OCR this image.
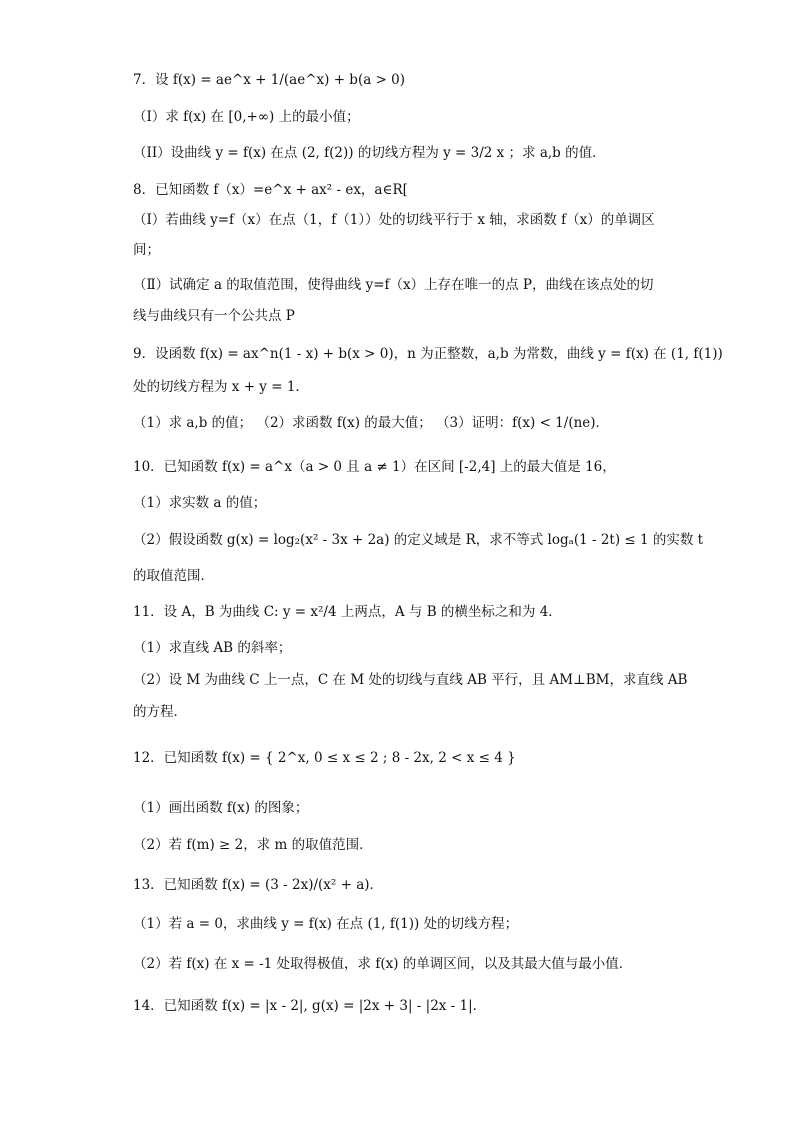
7．设 f(x) = ae^x + 1/(ae^x) + b(a > 0)
（I）求 f(x) 在 [0,+∞) 上的最小值；
（II）设曲线 y = f(x) 在点 (2, f(2)) 的切线方程为 y = 3/2 x ；求 a,b 的值．
8．已知函数 f（x）=e^x + ax² - ex，a∈R[
（Ⅰ）若曲线 y=f（x）在点（1，f（1））处的切线平行于 x 轴，求函数 f（x）的单调区
间；
（Ⅱ）试确定 a 的取值范围，使得曲线 y=f（x）上存在唯一的点 P，曲线在该点处的切
线与曲线只有一个公共点 P
9．设函数 f(x) = ax^n(1 - x) + b(x > 0)，n 为正整数，a,b 为常数，曲线 y = f(x) 在 (1, f(1))
处的切线方程为 x + y = 1．
（1）求 a,b 的值； （2）求函数 f(x) 的最大值； （3）证明：f(x) < 1/(ne)．
10．已知函数 f(x) = a^x（a > 0 且 a ≠ 1）在区间 [-2,4] 上的最大值是 16，
（1）求实数 a 的值；
（2）假设函数 g(x) = log₂(x² - 3x + 2a) 的定义域是 R，求不等式 logₐ(1 - 2t) ≤ 1 的实数 t
的取值范围．
11．设 A，B 为曲线 C: y = x²/4 上两点，A 与 B 的横坐标之和为 4．
（1）求直线 AB 的斜率；
（2）设 M 为曲线 C 上一点，C 在 M 处的切线与直线 AB 平行，且 AM⊥BM，求直线 AB
的方程．
12．已知函数 f(x) = { 2^x, 0 ≤ x ≤ 2 ; 8 - 2x, 2 < x ≤ 4 }
（1）画出函数 f(x) 的图象；
（2）若 f(m) ≥ 2，求 m 的取值范围．
13．已知函数 f(x) = (3 - 2x)/(x² + a)．
（1）若 a = 0，求曲线 y = f(x) 在点 (1, f(1)) 处的切线方程；
（2）若 f(x) 在 x = -1 处取得极值，求 f(x) 的单调区间，以及其最大值与最小值．
14．已知函数 f(x) = |x - 2|, g(x) = |2x + 3| - |2x - 1|．
